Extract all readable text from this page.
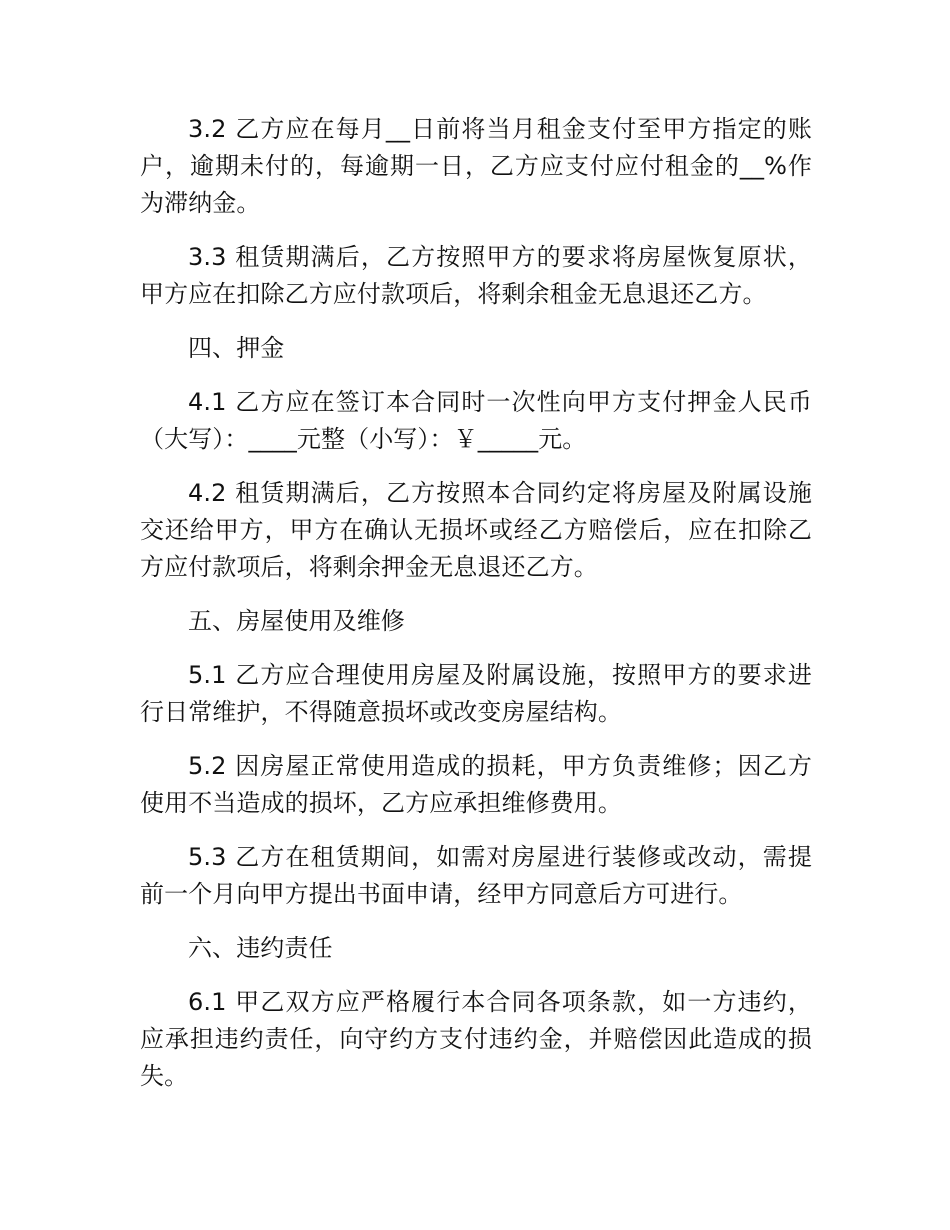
3.2 乙方应在每月__日前将当月租金支付至甲方指定的账户，逾期未付的，每逾期一日，乙方应支付应付租金的__%作为滞纳金。

3.3 租赁期满后，乙方按照甲方的要求将房屋恢复原状，甲方应在扣除乙方应付款项后，将剩余租金无息退还乙方。

四、押金

4.1 乙方应在签订本合同时一次性向甲方支付押金人民币（大写）：____元整（小写）：￥_____元。

4.2 租赁期满后，乙方按照本合同约定将房屋及附属设施交还给甲方，甲方在确认无损坏或经乙方赔偿后，应在扣除乙方应付款项后，将剩余押金无息退还乙方。

五、房屋使用及维修

5.1 乙方应合理使用房屋及附属设施，按照甲方的要求进行日常维护，不得随意损坏或改变房屋结构。

5.2 因房屋正常使用造成的损耗，甲方负责维修；因乙方使用不当造成的损坏，乙方应承担维修费用。

5.3 乙方在租赁期间，如需对房屋进行装修或改动，需提前一个月向甲方提出书面申请，经甲方同意后方可进行。

六、违约责任

6.1 甲乙双方应严格履行本合同各项条款，如一方违约，应承担违约责任，向守约方支付违约金，并赔偿因此造成的损失。
